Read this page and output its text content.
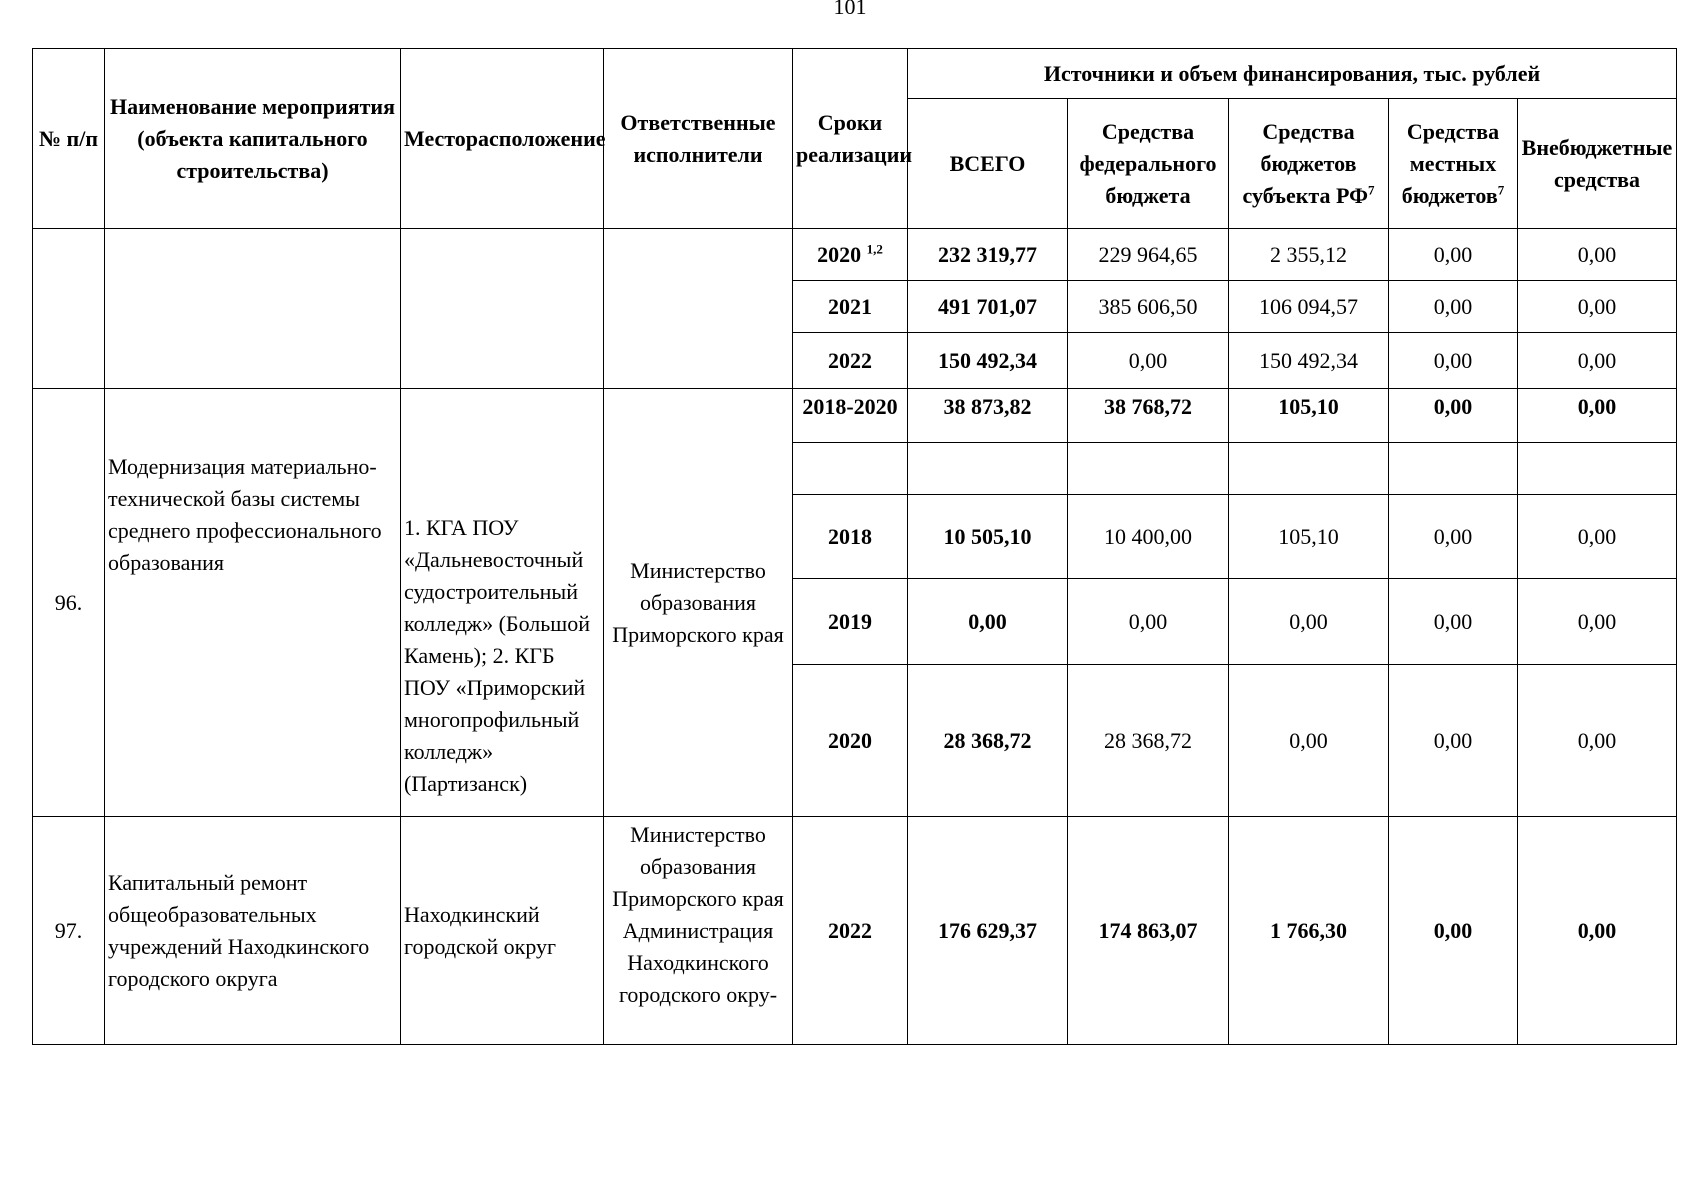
101
№ п/п	Наименование мероприятия (объекта капитального строительства)	Месторасположение	Ответственные исполнители	Сроки реализации	Источники и объем финансирования, тыс. рублей				
					ВСЕГО	Средства федерального бюджета	Средства бюджетов субъекта $РФ^7$	Средства местных бюджетов$^7$	Внебюджетные средства
				2020 $^{1,2}$	232 319,77	229 964,65	2 355,12	0,00	0,00
				2021	491 701,07	385 606,50	106 094,57	0,00	0,00
				2022	150 492,34	0,00	150 492,34	0,00	0,00
96.	Модернизация материально-технической базы системы среднего профессионального образования	1. КГА ПОУ «Дальневосточный судостроительный колледж» (Большой Камень); 2. КГБ ПОУ «Приморский многопрофильный колледж» (Партизанск)	Министерство образования Приморского края	2018-2020	38 873,82	38 768,72	105,10	0,00	0,00

				2018	10 505,10	10 400,00	105,10	0,00	0,00
				2019	0,00	0,00	0,00	0,00	0,00
				2020	28 368,72	28 368,72	0,00	0,00	0,00
97.	Капитальный ремонт общеобразовательных учреждений Находкинского городского округа	Находкинский городской округ	Министерство образования Приморского края Администрация Находкинского городского окру-	2022	176 629,37	174 863,07	1 766,30	0,00	0,00
